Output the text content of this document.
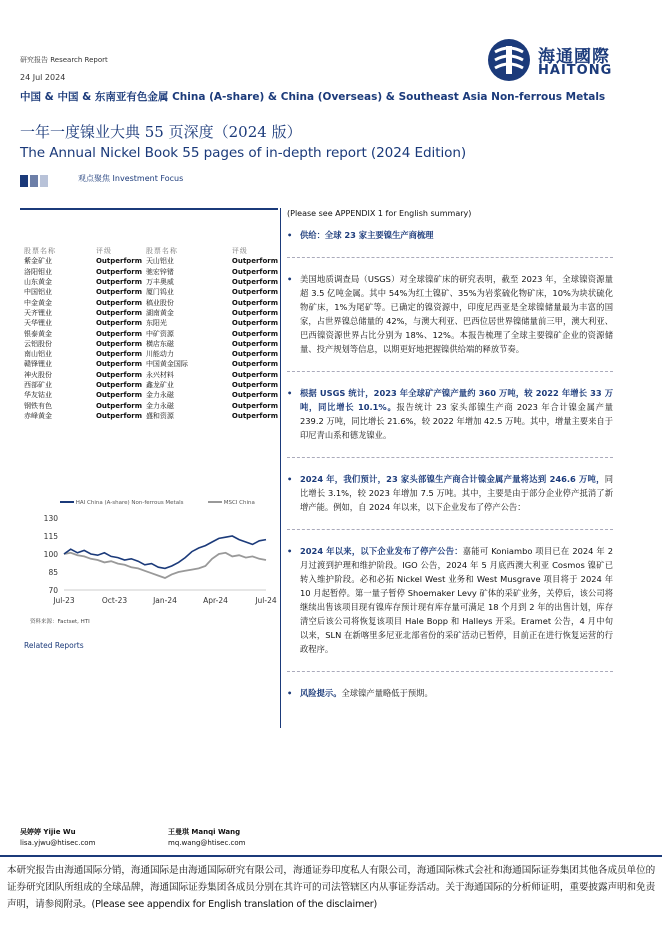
研究报告 Research Report
24 Jul 2024
中国 & 中国 & 东南亚有色金属 China (A-share) & China (Overseas) & Southeast Asia Non-ferrous Metals
一年一度镍业大典 55 页深度（2024 版）
The Annual Nickel Book 55 pages of in-depth report (2024 Edition)
海通國際
HAITONG
观点聚焦 Investment Focus
股票名称	评级	股票名称	评级
紫金矿业	Outperform	天山铝业	Outperform
洛阳钼业	Outperform	驰宏锌锗	Outperform
山东黄金	Outperform	万丰奥威	Outperform
中国铝业	Outperform	厦门钨业	Outperform
中金黄金	Outperform	稿业股份	Outperform
天齐锂业	Outperform	湖南黄金	Outperform
天华锂业	Outperform	东阳光	Outperform
银泰黄金	Outperform	中矿资源	Outperform
云铝股份	Outperform	横店东磁	Outperform
南山铝业	Outperform	川能动力	Outperform
赣锋锂业	Outperform	中国黄金国际	Outperform
神火股份	Outperform	永兴材料	Outperform
西部矿业	Outperform	鑫龙矿业	Outperform
华友钴业	Outperform	金力永磁	Outperform
钢铁有色	Outperform	金力永磁	Outperform
赤峰黄金	Outperform	盛和资源	Outperform
HAI China (A-share) Non-ferrous Metals	MSCI China
130
115
100
85
70
Jul-23	Oct-23	Jan-24	Apr-24	Jul-24
资料来源：Factset, HTI
Related Reports
吴婷婷 Yijie Wu
lisa.yjwu@htisec.com
王曼琪 Manqi Wang
mq.wang@htisec.com
本研究报告由海通国际分销，海通国际是由海通国际研究有限公司，海通证券印度私人有限公司，海通国际株式会社和海通国际证券集团其他各成员单位的证券研究团队所组成的全球品牌，海通国际证券集团各成员分别在其许可的司法管辖区内从事证券活动。关于海通国际的分析师证明，重要披露声明和免责声明，请参阅附录。(Please see appendix for English translation of the disclaimer)
(Please see APPENDIX 1 for English summary)
• 供给：全球 23 家主要镍生产商梳理
• 美国地质调查局（USGS）对全球镍矿床的研究表明，截至 2023 年，全球镍资源量超 3.5 亿吨金属。其中 54%为红土镍矿、35%为岩浆硫化物矿床，10%为块状硫化物矿床，1%为尾矿等。已确定的镍资源中，印度尼西亚是全球镍储量最为丰富的国家，占世界镍总储量的 42%，与澳大利亚、巴西位居世界镍储量前三甲，澳大利亚、巴西镍资源世界占比分别为 18%、12%。本报告梳理了全球主要镍矿企业的资源储量、投产规划等信息，以期更好地把握镍供给端的释放节奏。
• 根据 USGS 统计，2023 年全球矿产镍产量约 360 万吨，较 2022 年增长 33 万吨，同比增长 10.1%。报告统计 23 家头部镍生产商 2023 年合计镍金属产量 239.2 万吨，同比增长 21.6%，较 2022 年增加 42.5 万吨。其中，增量主要来自于印尼青山系和德龙镍业。
• 2024 年，我们预计，23 家头部镍生产商合计镍金属产量将达到 246.6 万吨，同比增长 3.1%，较 2023 年增加 7.5 万吨。其中，主要是由于部分企业停产抵消了新增产能。例如，自 2024 年以来，以下企业发布了停产公告：
• 2024 年以来，以下企业发布了停产公告：嘉能可 Koniambo 项目已在 2024 年 2 月过渡到护理和维护阶段。IGO 公告，2024 年 5 月底西澳大利亚 Cosmos 镍矿已转入维护阶段。必和必拓 Nickel West 业务和 West Musgrave 项目将于 2024 年 10 月起暂停。第一量子暂停 Shoemaker Levy 矿体的采矿业务，关停后，该公司将继续出售该项目现有镍库存预计现有库存量可满足 18 个月到 2 年的出售计划，库存清空后该公司将恢复该项目 Hale Bopp 和 Halleys 开采。Eramet 公告，4 月中旬以来，SLN 在新喀里多尼亚北部省份的采矿活动已暂停，目前正在进行恢复运营的行政程序。
• 风险提示。全球镍产量略低于预期。
